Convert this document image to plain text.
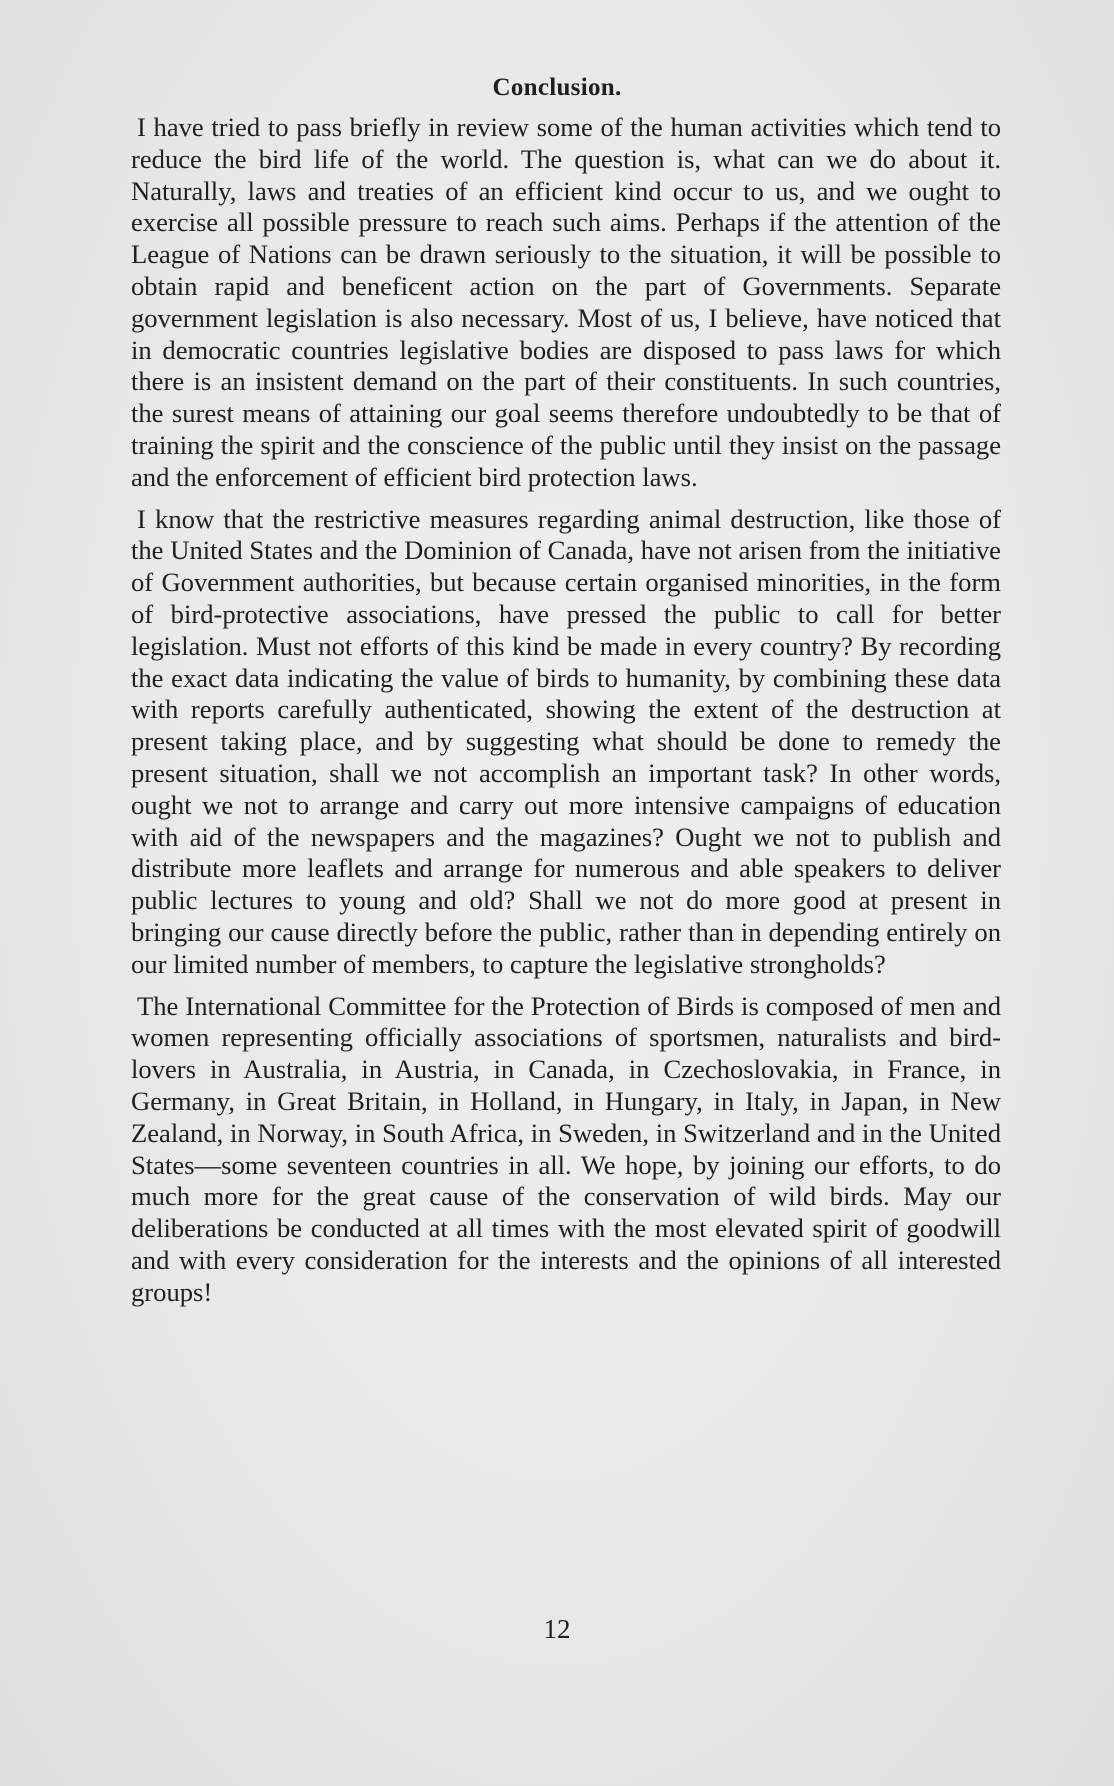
Conclusion.

I have tried to pass briefly in review some of the human activities which tend to reduce the bird life of the world. The question is, what can we do about it. Naturally, laws and treaties of an efficient kind occur to us, and we ought to exercise all possible pressure to reach such aims. Perhaps if the attention of the League of Nations can be drawn seriously to the situation, it will be possible to obtain rapid and beneficent action on the part of Governments. Separate government legislation is also necessary. Most of us, I believe, have noticed that in democratic countries legislative bodies are disposed to pass laws for which there is an insistent demand on the part of their constituents. In such countries, the surest means of attaining our goal seems therefore undoubtedly to be that of training the spirit and the conscience of the public until they insist on the passage and the enforcement of efficient bird protection laws.

I know that the restrictive measures regarding animal destruction, like those of the United States and the Dominion of Canada, have not arisen from the initiative of Government authorities, but because certain organised minorities, in the form of bird-protective associations, have pressed the public to call for better legislation. Must not efforts of this kind be made in every country? By recording the exact data indicating the value of birds to humanity, by combining these data with reports carefully authenticated, showing the extent of the destruction at present taking place, and by suggesting what should be done to remedy the present situation, shall we not accomplish an important task? In other words, ought we not to arrange and carry out more intensive campaigns of education with aid of the newspapers and the magazines? Ought we not to publish and distribute more leaflets and arrange for numerous and able speakers to deliver public lectures to young and old? Shall we not do more good at present in bringing our cause directly before the public, rather than in depending entirely on our limited number of members, to capture the legislative strongholds?

The International Committee for the Protection of Birds is composed of men and women representing officially associations of sportsmen, naturalists and bird-lovers in Australia, in Austria, in Canada, in Czechoslovakia, in France, in Germany, in Great Britain, in Holland, in Hungary, in Italy, in Japan, in New Zealand, in Norway, in South Africa, in Sweden, in Switzerland and in the United States—some seventeen countries in all. We hope, by joining our efforts, to do much more for the great cause of the conservation of wild birds. May our deliberations be conducted at all times with the most elevated spirit of goodwill and with every consideration for the interests and the opinions of all interested groups!

12
